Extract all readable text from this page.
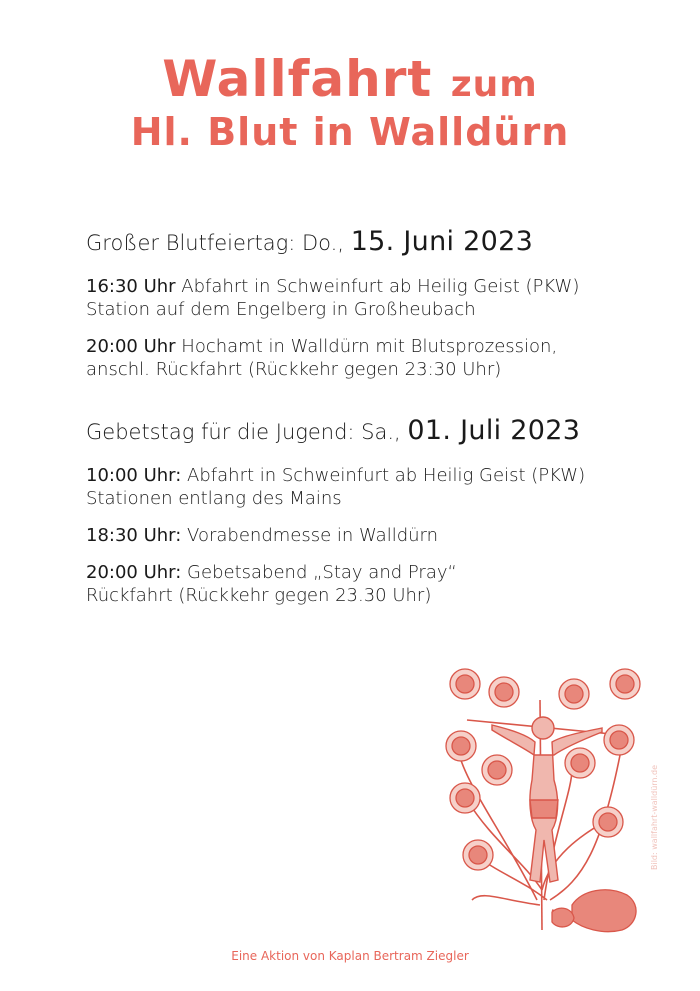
Wallfahrt zum
Hl. Blut in Walldürn
Großer Blutfeiertag: Do., 15. Juni 2023
16:30 Uhr Abfahrt in Schweinfurt ab Heilig Geist (PKW)
Station auf dem Engelberg in Großheubach
20:00 Uhr Hochamt in Walldürn mit Blutsprozession,
anschl. Rückfahrt (Rückkehr gegen 23:30 Uhr)
Gebetstag für die Jugend: Sa., 01. Juli 2023
10:00 Uhr: Abfahrt in Schweinfurt ab Heilig Geist (PKW)
Stationen entlang des Mains
18:30 Uhr: Vorabendmesse in Walldürn
20:00 Uhr: Gebetsabend „Stay and Pray“
Rückfahrt (Rückkehr gegen 23.30 Uhr)
Bild: wallfahrt-walldürn.de
Eine Aktion von Kaplan Bertram Ziegler
